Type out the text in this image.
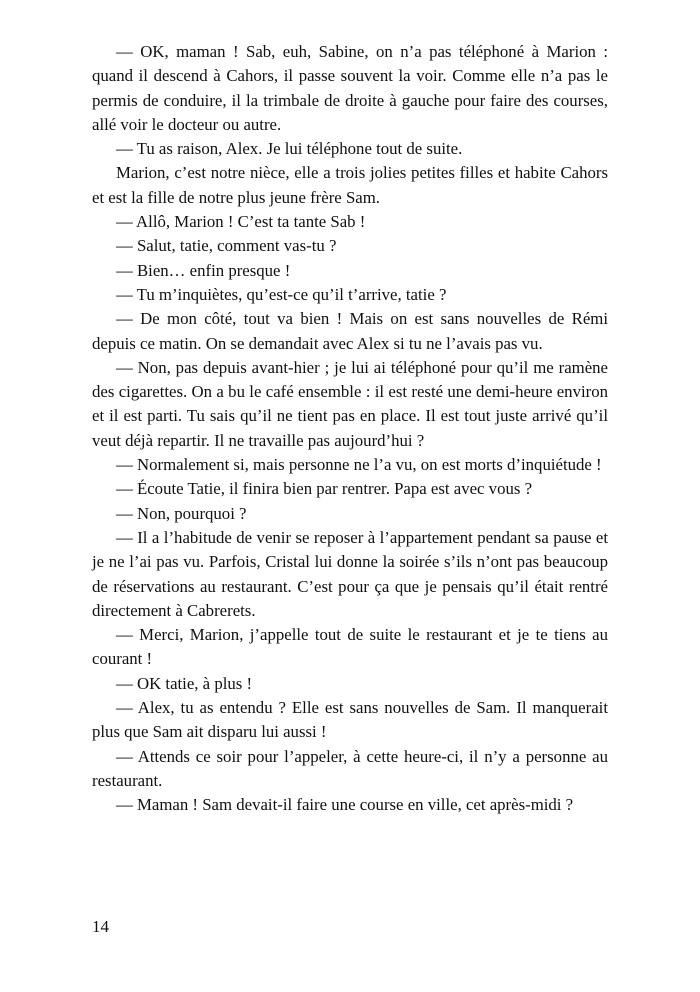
— OK, maman ! Sab, euh, Sabine, on n’a pas téléphoné à Marion : quand il descend à Cahors, il passe souvent la voir. Comme elle n’a pas le permis de conduire, il la trimbale de droite à gauche pour faire des courses, allé voir le docteur ou autre.

— Tu as raison, Alex. Je lui téléphone tout de suite.

Marion, c’est notre nièce, elle a trois jolies petites filles et habite Cahors et est la fille de notre plus jeune frère Sam.

— Allô, Marion ! C’est ta tante Sab !

— Salut, tatie, comment vas-tu ?

— Bien… enfin presque !

— Tu m’inquiètes, qu’est-ce qu’il t’arrive, tatie ?

— De mon côté, tout va bien ! Mais on est sans nouvelles de Rémi depuis ce matin. On se demandait avec Alex si tu ne l’avais pas vu.

— Non, pas depuis avant-hier ; je lui ai téléphoné pour qu’il me ramène des cigarettes. On a bu le café ensemble : il est resté une demi-heure environ et il est parti. Tu sais qu’il ne tient pas en place. Il est tout juste arrivé qu’il veut déjà repartir. Il ne travaille pas aujourd’hui ?

— Normalement si, mais personne ne l’a vu, on est morts d’inquiétude !

— Écoute Tatie, il finira bien par rentrer. Papa est avec vous ?

— Non, pourquoi ?

— Il a l’habitude de venir se reposer à l’appartement pendant sa pause et je ne l’ai pas vu. Parfois, Cristal lui donne la soirée s’ils n’ont pas beaucoup de réservations au restaurant. C’est pour ça que je pensais qu’il était rentré directement à Cabrerets.

— Merci, Marion, j’appelle tout de suite le restaurant et je te tiens au courant !

— OK tatie, à plus !

— Alex, tu as entendu ? Elle est sans nouvelles de Sam. Il manquerait plus que Sam ait disparu lui aussi !

— Attends ce soir pour l’appeler, à cette heure-ci, il n’y a personne au restaurant.

— Maman ! Sam devait-il faire une course en ville, cet après-midi ?

14
